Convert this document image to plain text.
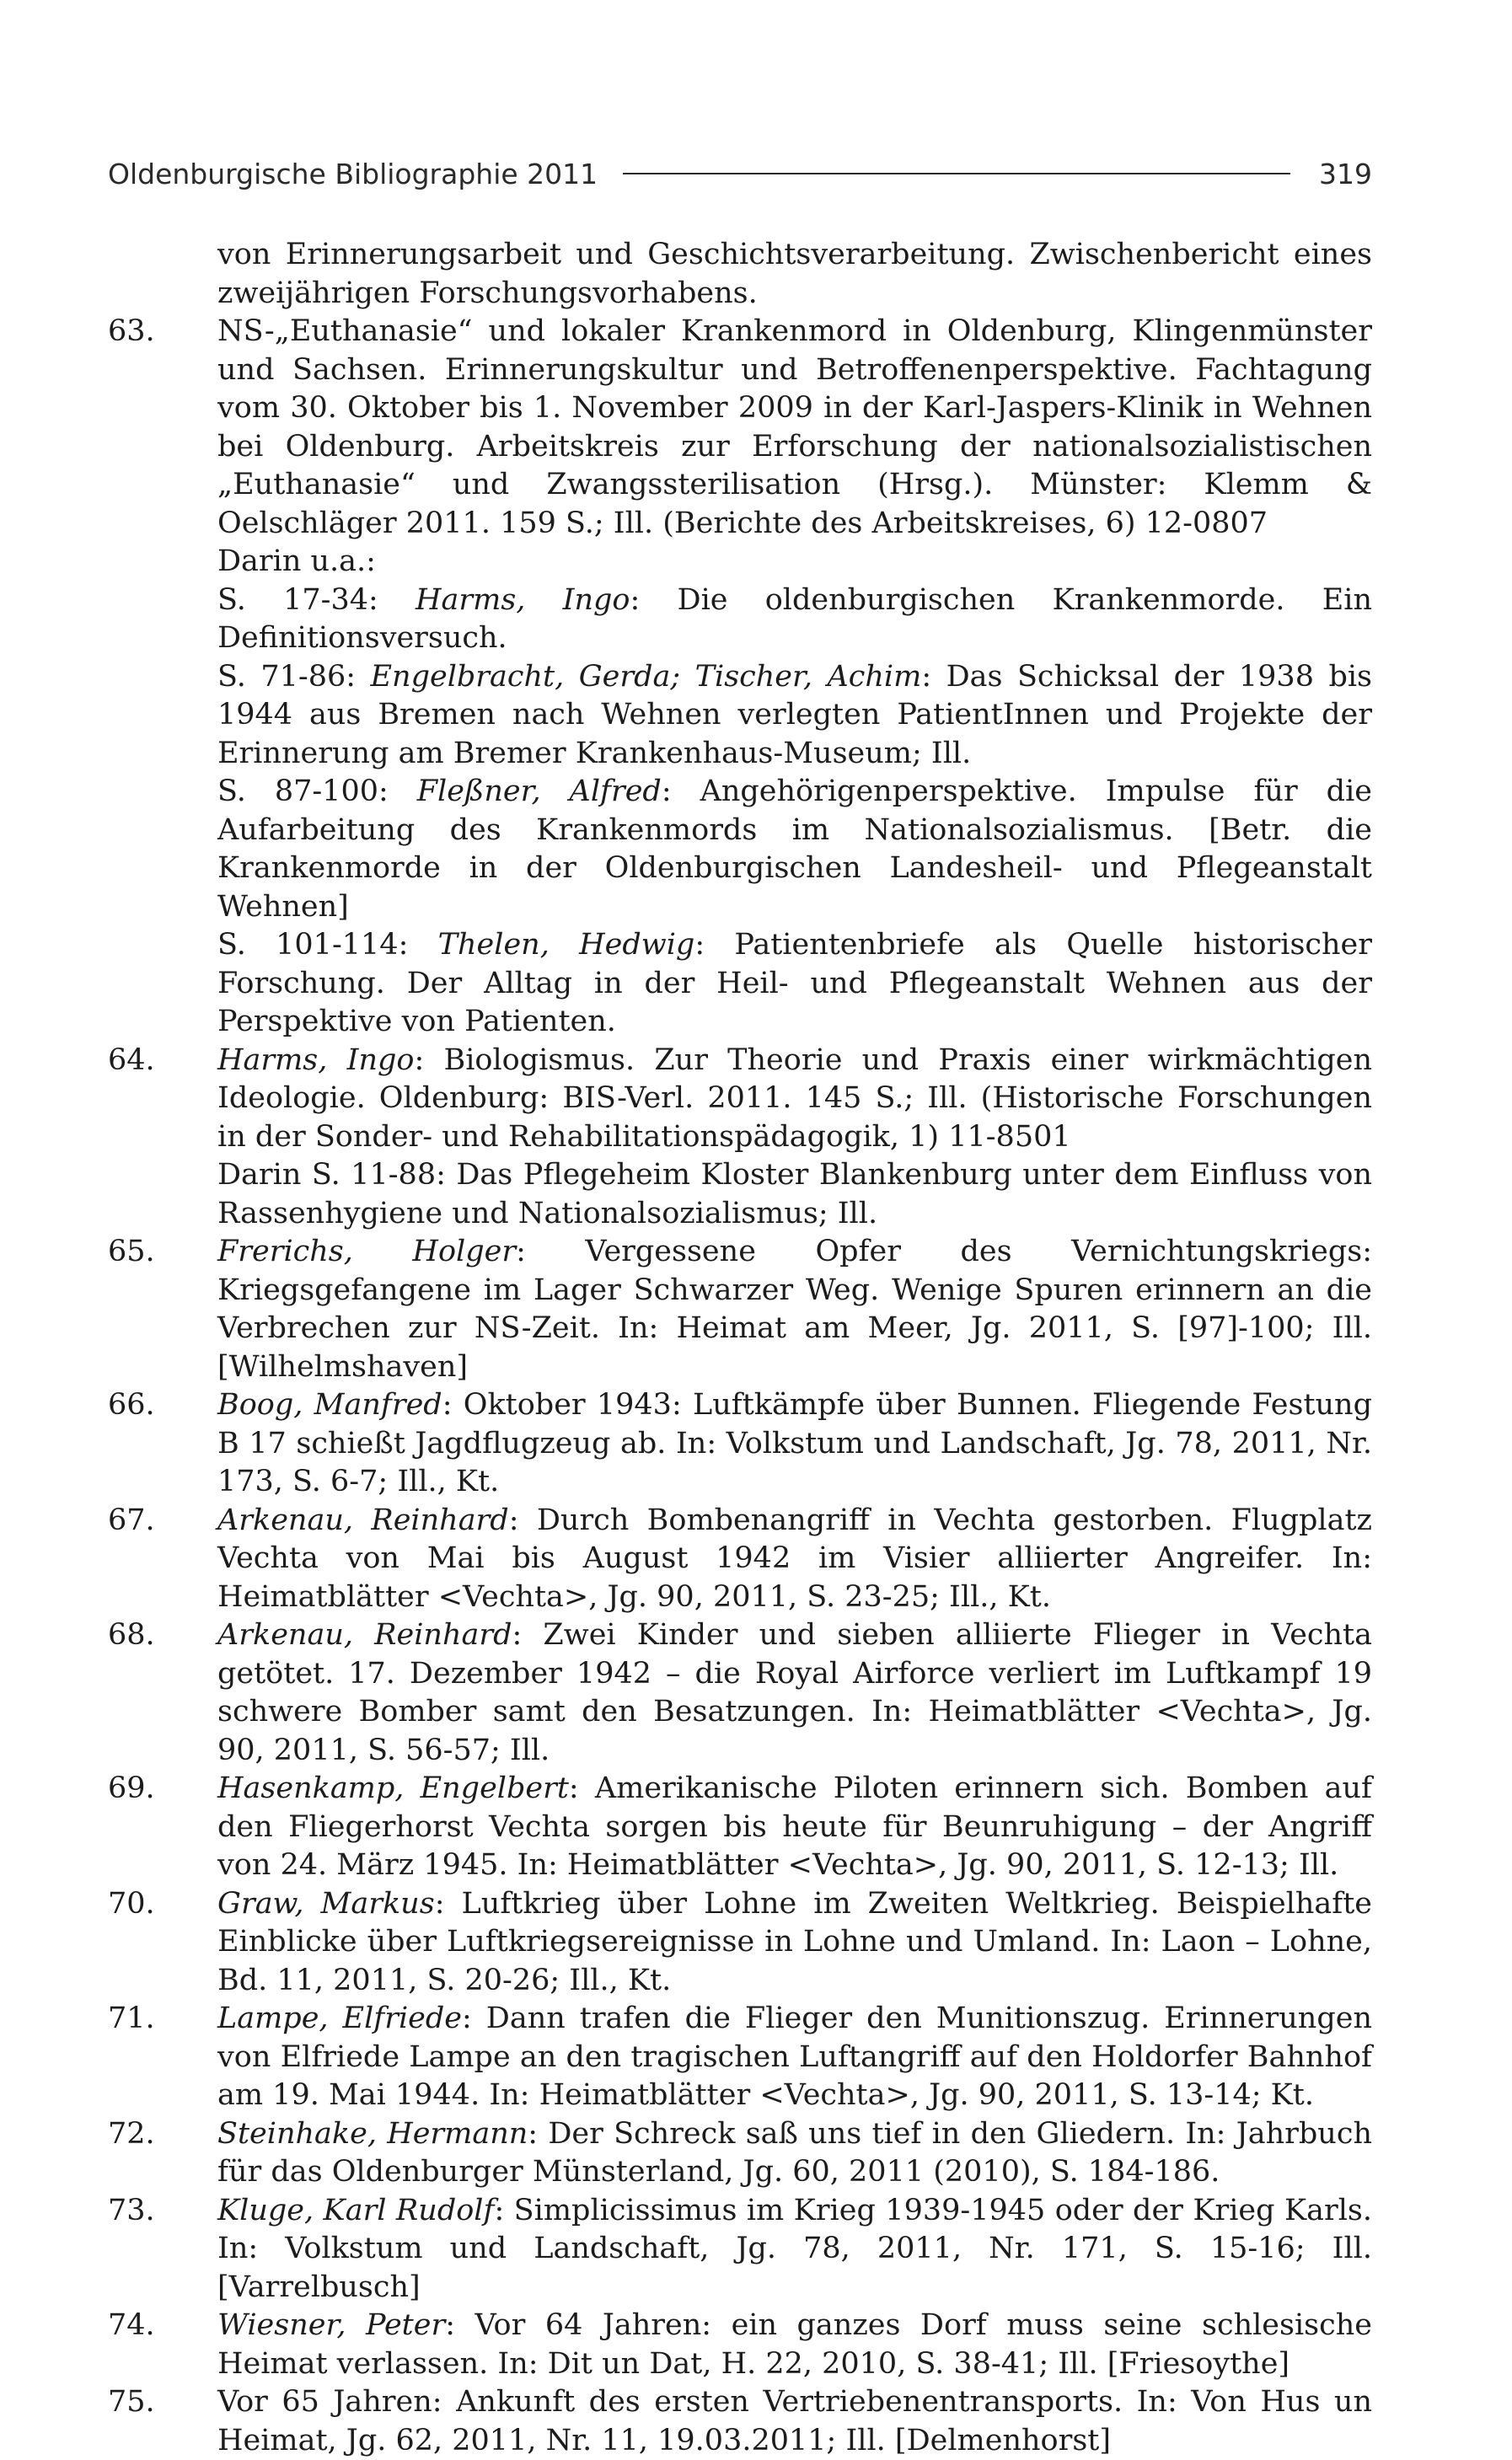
Oldenburgische Bibliographie 2011	319
von Erinnerungsarbeit und Geschichtsverarbeitung. Zwischenbericht eines zweijährigen Forschungsvorhabens.
63.	NS-„Euthanasie“ und lokaler Krankenmord in Oldenburg, Klingenmünster und Sachsen. Erinnerungskultur und Betroffenenperspektive. Fachtagung vom 30. Oktober bis 1. November 2009 in der Karl-Jaspers-Klinik in Wehnen bei Oldenburg. Arbeitskreis zur Erforschung der nationalsozialistischen „Euthanasie“ und Zwangssterilisation (Hrsg.). Münster: Klemm & Oelschläger 2011. 159 S.; Ill. (Berichte des Arbeitskreises, 6) 12-0807
Darin u.a.:
S. 17-34: Harms, Ingo: Die oldenburgischen Krankenmorde. Ein Definitionsversuch.
S. 71-86: Engelbracht, Gerda; Tischer, Achim: Das Schicksal der 1938 bis 1944 aus Bremen nach Wehnen verlegten PatientInnen und Projekte der Erinnerung am Bremer Krankenhaus-Museum; Ill.
S. 87-100: Fleßner, Alfred: Angehörigenperspektive. Impulse für die Aufarbeitung des Krankenmords im Nationalsozialismus. [Betr. die Krankenmorde in der Oldenburgischen Landesheil- und Pflegeanstalt Wehnen]
S. 101-114: Thelen, Hedwig: Patientenbriefe als Quelle historischer Forschung. Der Alltag in der Heil- und Pflegeanstalt Wehnen aus der Perspektive von Patienten.
64.	Harms, Ingo: Biologismus. Zur Theorie und Praxis einer wirkmächtigen Ideologie. Oldenburg: BIS-Verl. 2011. 145 S.; Ill. (Historische Forschungen in der Sonder- und Rehabilitationspädagogik, 1) 11-8501
Darin S. 11-88: Das Pflegeheim Kloster Blankenburg unter dem Einfluss von Rassenhygiene und Nationalsozialismus; Ill.
65.	Frerichs, Holger: Vergessene Opfer des Vernichtungskriegs: Kriegsgefangene im Lager Schwarzer Weg. Wenige Spuren erinnern an die Verbrechen zur NS-Zeit. In: Heimat am Meer, Jg. 2011, S. [97]-100; Ill. [Wilhelmshaven]
66.	Boog, Manfred: Oktober 1943: Luftkämpfe über Bunnen. Fliegende Festung B 17 schießt Jagdflugzeug ab. In: Volkstum und Landschaft, Jg. 78, 2011, Nr. 173, S. 6-7; Ill., Kt.
67.	Arkenau, Reinhard: Durch Bombenangriff in Vechta gestorben. Flugplatz Vechta von Mai bis August 1942 im Visier alliierter Angreifer. In: Heimatblätter <Vechta>, Jg. 90, 2011, S. 23-25; Ill., Kt.
68.	Arkenau, Reinhard: Zwei Kinder und sieben alliierte Flieger in Vechta getötet. 17. Dezember 1942 – die Royal Airforce verliert im Luftkampf 19 schwere Bomber samt den Besatzungen. In: Heimatblätter <Vechta>, Jg. 90, 2011, S. 56-57; Ill.
69.	Hasenkamp, Engelbert: Amerikanische Piloten erinnern sich. Bomben auf den Fliegerhorst Vechta sorgen bis heute für Beunruhigung – der Angriff von 24. März 1945. In: Heimatblätter <Vechta>, Jg. 90, 2011, S. 12-13; Ill.
70.	Graw, Markus: Luftkrieg über Lohne im Zweiten Weltkrieg. Beispielhafte Einblicke über Luftkriegsereignisse in Lohne und Umland. In: Laon – Lohne, Bd. 11, 2011, S. 20-26; Ill., Kt.
71.	Lampe, Elfriede: Dann trafen die Flieger den Munitionszug. Erinnerungen von Elfriede Lampe an den tragischen Luftangriff auf den Holdorfer Bahnhof am 19. Mai 1944. In: Heimatblätter <Vechta>, Jg. 90, 2011, S. 13-14; Kt.
72.	Steinhake, Hermann: Der Schreck saß uns tief in den Gliedern. In: Jahrbuch für das Oldenburger Münsterland, Jg. 60, 2011 (2010), S. 184-186.
73.	Kluge, Karl Rudolf: Simplicissimus im Krieg 1939-1945 oder der Krieg Karls. In: Volkstum und Landschaft, Jg. 78, 2011, Nr. 171, S. 15-16; Ill. [Varrelbusch]
74.	Wiesner, Peter: Vor 64 Jahren: ein ganzes Dorf muss seine schlesische Heimat verlassen. In: Dit un Dat, H. 22, 2010, S. 38-41; Ill. [Friesoythe]
75.	Vor 65 Jahren: Ankunft des ersten Vertriebenentransports. In: Von Hus un Heimat, Jg. 62, 2011, Nr. 11, 19.03.2011; Ill. [Delmenhorst]
